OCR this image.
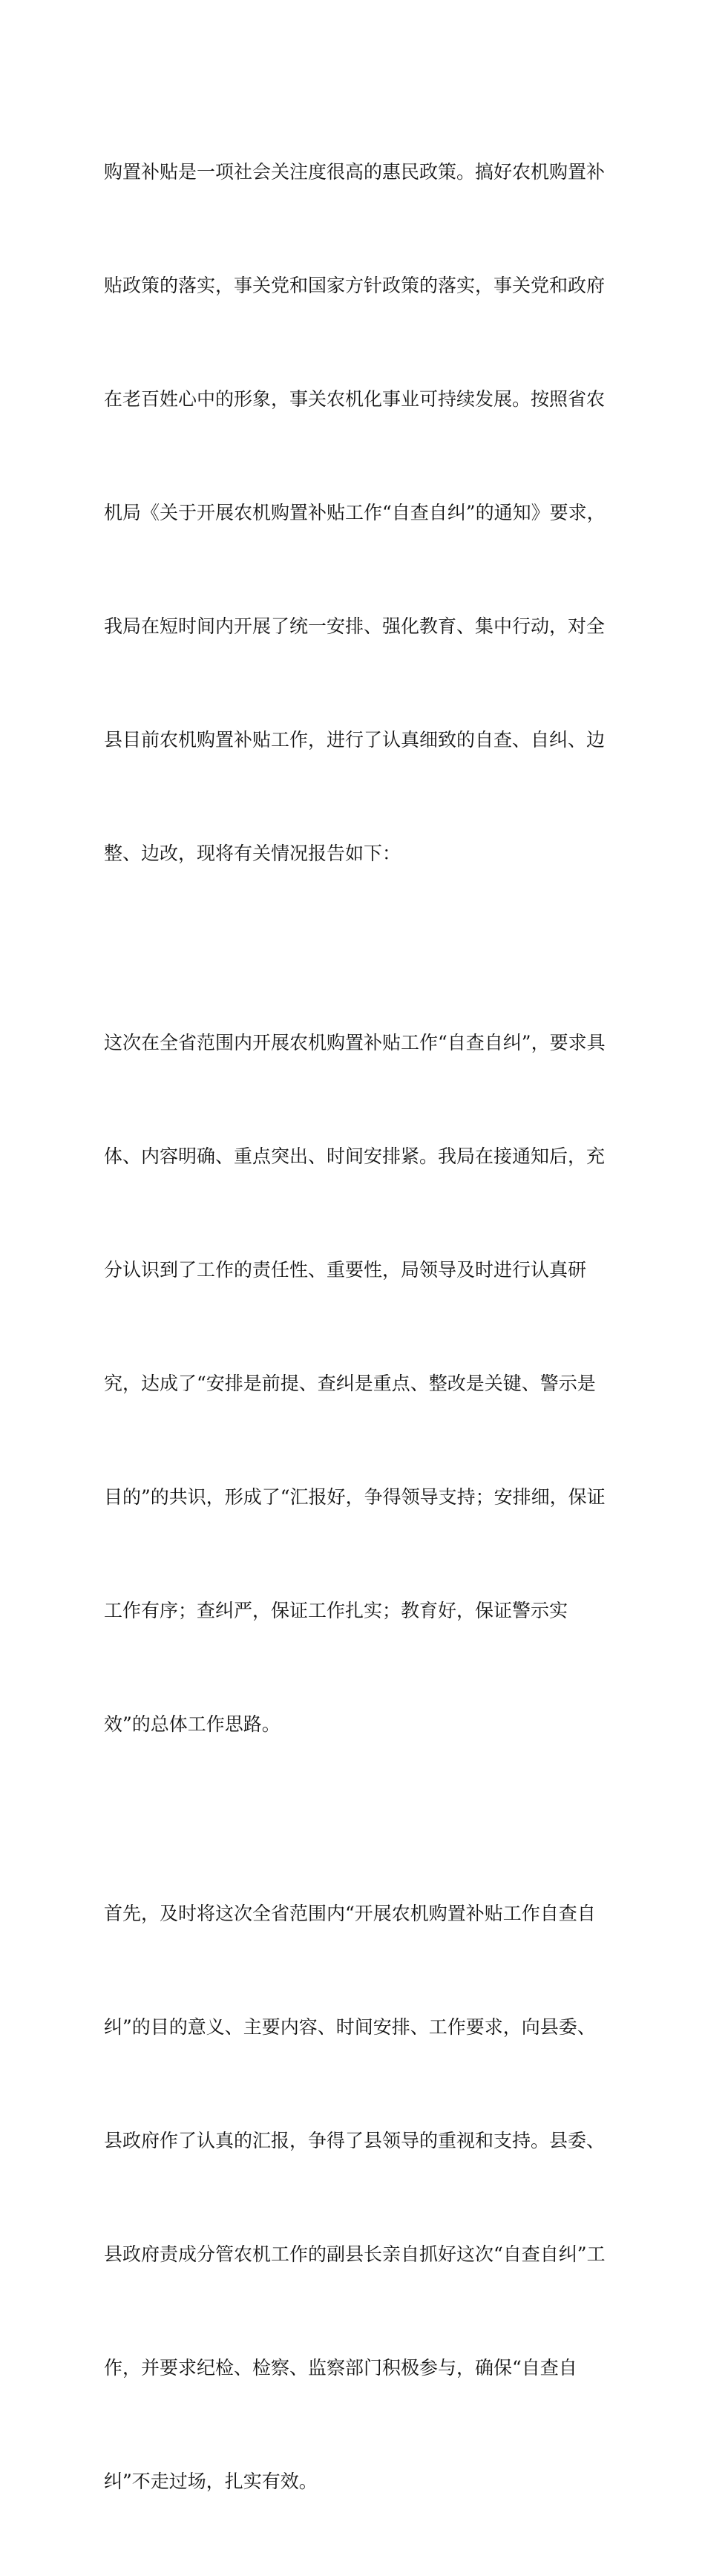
购置补贴是一项社会关注度很高的惠民政策。搞好农机购置补

贴政策的落实，事关党和国家方针政策的落实，事关党和政府

在老百姓心中的形象，事关农机化事业可持续发展。按照省农

机局《关于开展农机购置补贴工作“自查自纠”的通知》要求，

我局在短时间内开展了统一安排、强化教育、集中行动，对全

县目前农机购置补贴工作，进行了认真细致的自查、自纠、边

整、边改，现将有关情况报告如下：

这次在全省范围内开展农机购置补贴工作“自查自纠”，要求具

体、内容明确、重点突出、时间安排紧。我局在接通知后，充

分认识到了工作的责任性、重要性，局领导及时进行认真研

究，达成了“安排是前提、查纠是重点、整改是关键、警示是

目的”的共识，形成了“汇报好，争得领导支持；安排细，保证

工作有序；查纠严，保证工作扎实；教育好，保证警示实

效”的总体工作思路。

首先，及时将这次全省范围内“开展农机购置补贴工作自查自

纠”的目的意义、主要内容、时间安排、工作要求，向县委、

县政府作了认真的汇报，争得了县领导的重视和支持。县委、

县政府责成分管农机工作的副县长亲自抓好这次“自查自纠”工

作，并要求纪检、检察、监察部门积极参与，确保“自查自

纠”不走过场，扎实有效。
